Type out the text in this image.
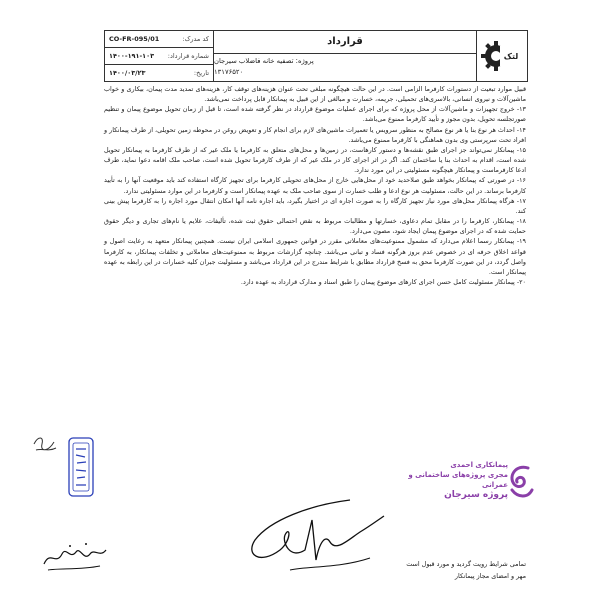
CO-FR-095/01	کد مدرک:
۱۴۰۰-۱۹۱-۱۰۳ شماره قرارداد:
۱۴۰۰/۰۳/۲۳	تاریخ:
قرارداد
پروژه: تصفیه خانه فاضلاب سیرجان
۱۳۱۷۶۵۲۰
لتک

قبیل موارد تبعیت از دستورات کارفرما الزامی است. در این حالت هیچگونه مبلغی تحت عنوان هزینه‌های توقف کار، هزینه‌های تمدید مدت پیمان، بیکاری و خواب ماشین‌آلات و نیروی انسانی، بالاسری‌های تحمیلی، جریمه، خسارت و مبالغی از این قبیل به پیمانکار قابل پرداخت نمی‌باشد.

۱۳- خروج تجهیزات و ماشین‌آلات از محل پروژه که برای اجرای عملیات موضوع قرارداد در نظر گرفته شده است، تا قبل از زمان تحویل موضوع پیمان و تنظیم صورتجلسه تحویل، بدون مجوز و تأیید کارفرما ممنوع می‌باشد.

۱۴- احداث هر نوع بنا یا هر نوع مصالح به منظور سرویس یا تعمیرات ماشین‌های لازم برای انجام کار و تعویض روغن در محوطه زمین تحویلی، از طرف پیمانکار و افراد تحت سرپرستی وی بدون هماهنگی با کارفرما ممنوع می‌باشد.

۱۵- پیمانکار نمی‌تواند جز اجرای طبق نقشه‌ها و دستور کارهاست، در زمین‌ها و محل‌های متعلق به کارفرما یا ملک غیر که از طرف کارفرما به پیمانکار تحویل شده است، اقدام به احداث بنا یا ساختمان کند. اگر در اثر اجرای کار در ملک غیر که از طرف کارفرما تحویل شده است، صاحب ملک اقامه دعوا نماید، طرف ادعا کارفرماست و پیمانکار هیچگونه مسئولیتی در این مورد ندارد.

۱۶- در صورتی که پیمانکار بخواهد طبق صلاحدید خود از محل‌هایی خارج از محل‌های تحویلی کارفرما برای تجهیز کارگاه استفاده کند باید موقعیت آنها را به تأیید کارفرما برساند. در این حالت، مسئولیت هر نوع ادعا و طلب خسارت از سوی صاحب ملک به عهده پیمانکار است و کارفرما در این موارد مسئولیتی ندارد.

۱۷- هرگاه پیمانکار محل‌های مورد نیاز تجهیز کارگاه را به صورت اجاره ای در اختیار بگیرد، باید اجاره نامه آنها امکان انتقال مورد اجاره را به کارفرما پیش بینی کند.

۱۸- پیمانکار، کارفرما را در مقابل تمام دعاوی، خسارتها و مطالبات مربوط به نقض احتمالی حقوق ثبت شده، تألیفات، علایم یا نام‌های تجاری و دیگر حقوق حمایت شده که در اجرای موضوع پیمان ایجاد شود، مصون می‌دارد.

۱۹- پیمانکار رسما اعلام می‌دارد که مشمول ممنوعیت‌های معاملاتی مقرر در قوانین جمهوری اسلامی ایران نیست. همچنین پیمانکار متعهد به رعایت اصول و قواعد اخلاق حرفه ای در خصوص عدم بروز هرگونه فساد و تبانی می‌باشد. چنانچه گزارشات مربوط به ممنوعیت‌های معاملاتی و تخلفات پیمانکار، به کارفرما واصل گردد، در این صورت کارفرما محق به فسخ قرارداد مطابق با شرایط مندرج در این قرارداد می‌باشد و مسئولیت جبران کلیه خسارات در این رابطه به عهده پیمانکار است.

۲۰- پیمانکار مسئولیت کامل حسن اجرای کارهای موضوع پیمان را طبق اسناد و مدارک قرارداد به عهده دارد.

پیمانکاری احمدی
مجری پروژه‌های ساختمانی و عمرانی
پروژه سیرجان
تمامی شرایط رویت گردید و مورد قبول است
مهر و امضای مجاز پیمانکار
